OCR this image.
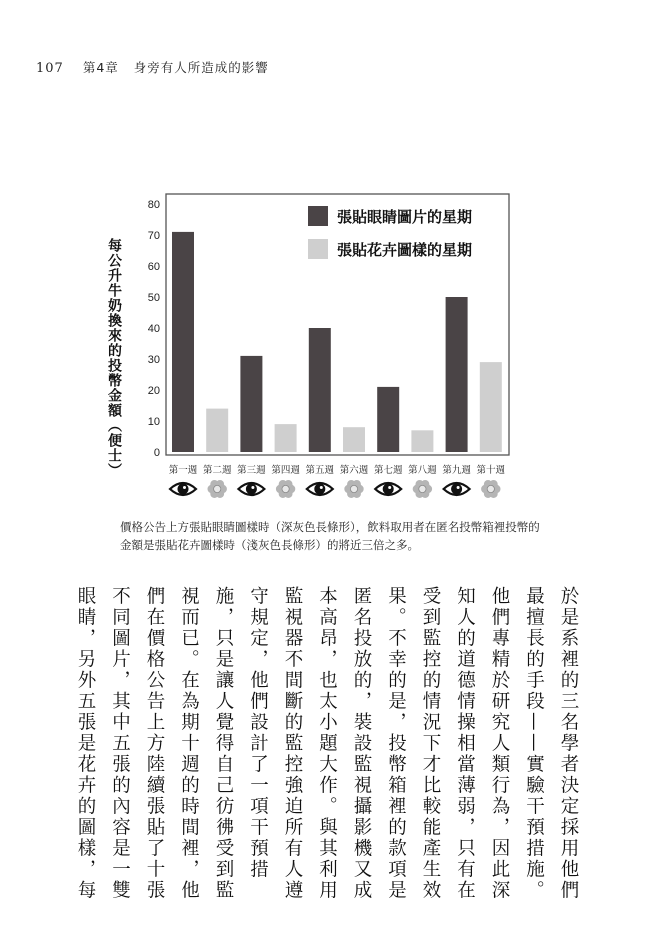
107 第4章 身旁有人所造成的影響
每公升牛奶換來的投幣金額（便士）	0
10
20
30
40
50
60
70
80
第一週 第二週 第三週 第四週 第五週 第六週 第七週 第八週 第九週 第十週
張貼眼睛圖片的星期
張貼花卉圖樣的星期
價格公告上方張貼眼睛圖樣時（深灰色長條形），飲料取用者在匿名投幣箱裡投幣的金額是張貼花卉圖樣時（淺灰色長條形）的將近三倍之多。
於是系裡的三名學者決定採用他們
最擅長的手段——實驗干預措施。
他們專精於研究人類行為，因此深
知人的道德情操相當薄弱，只有在
受到監控的情況下才比較能產生效
果。不幸的是，投幣箱裡的款項是
匿名投放的，裝設監視攝影機又成
本高昂，也太小題大作。與其利用
監視器不間斷的監控強迫所有人遵
守規定，他們設計了一項干預措
施，只是讓人覺得自己彷彿受到監
視而已。在為期十週的時間裡，他
們在價格公告上方陸續張貼了十張
不同圖片，其中五張的內容是一雙
眼睛，另外五張是花卉的圖樣，每
